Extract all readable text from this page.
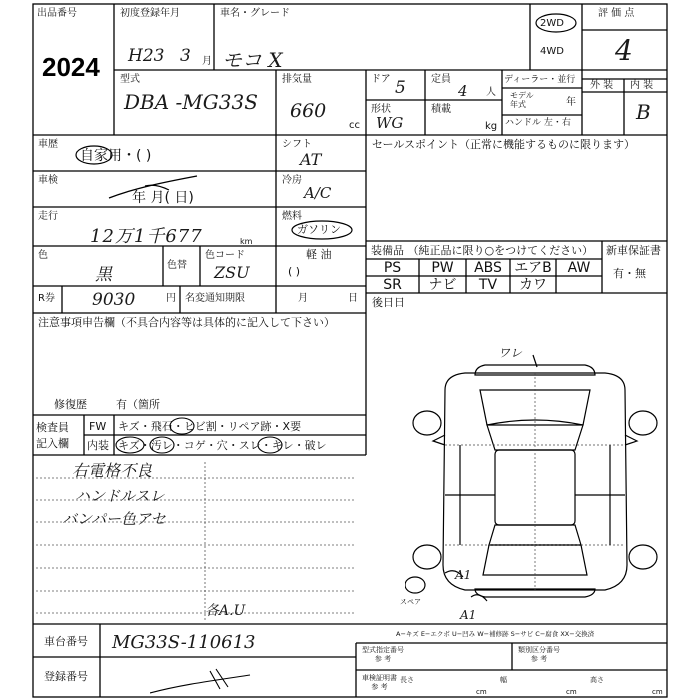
出品番号
2024
初度登録年月
H23 3 月
車名・グレード
モコ X
2WD
4WD
評 価 点
4
型式
DBA -MG33S
排気量
660
cc
ドア 5	定員
4 人
形状
WG
積載
kg
ディーラー・並行
モデル
年式	年
ハンドル 左・右
外 装 内 装
B
車歴
自家用・( )
シフト
AT
車検
年 月( 日)
冷房
A/C
走行
12万1千677	km
燃料
ガソリン
軽 油
( )
色
黒	色替
色コード
ZSU
R券 9030	円 名変通知期限	月	日
セールスポイント（正常に機能するものに限ります）
装備品 （純正品に限り○をつけてください） 新車保証書
有・無
PS	PW	ABS エアB	AW
SR	ナビ	TV	カワ
後日日
注意事項申告欄（不具合内容等は具体的に記入して下さい）
修復歴	有（箇所
検査員
記入欄
FW キズ・飛石・ヒビ割・リペア跡・X要
内装 キズ・汚レ・コゲ・穴・スレ・キレ・破レ
右電格不良
ハンドルスレ
バンパー色アセ
各A.U
ワレ
A1
A1
スペア
車台番号 MG33S-110613
登録番号
A−キズ E−エクボ U−凹み W−補修跡 S−サビ C−腐食 XX−交換済
型式指定番号
参 考
類別区分番号
参 考
車検証明書
参 考
長さ
cm
幅
cm
高さ
cm
